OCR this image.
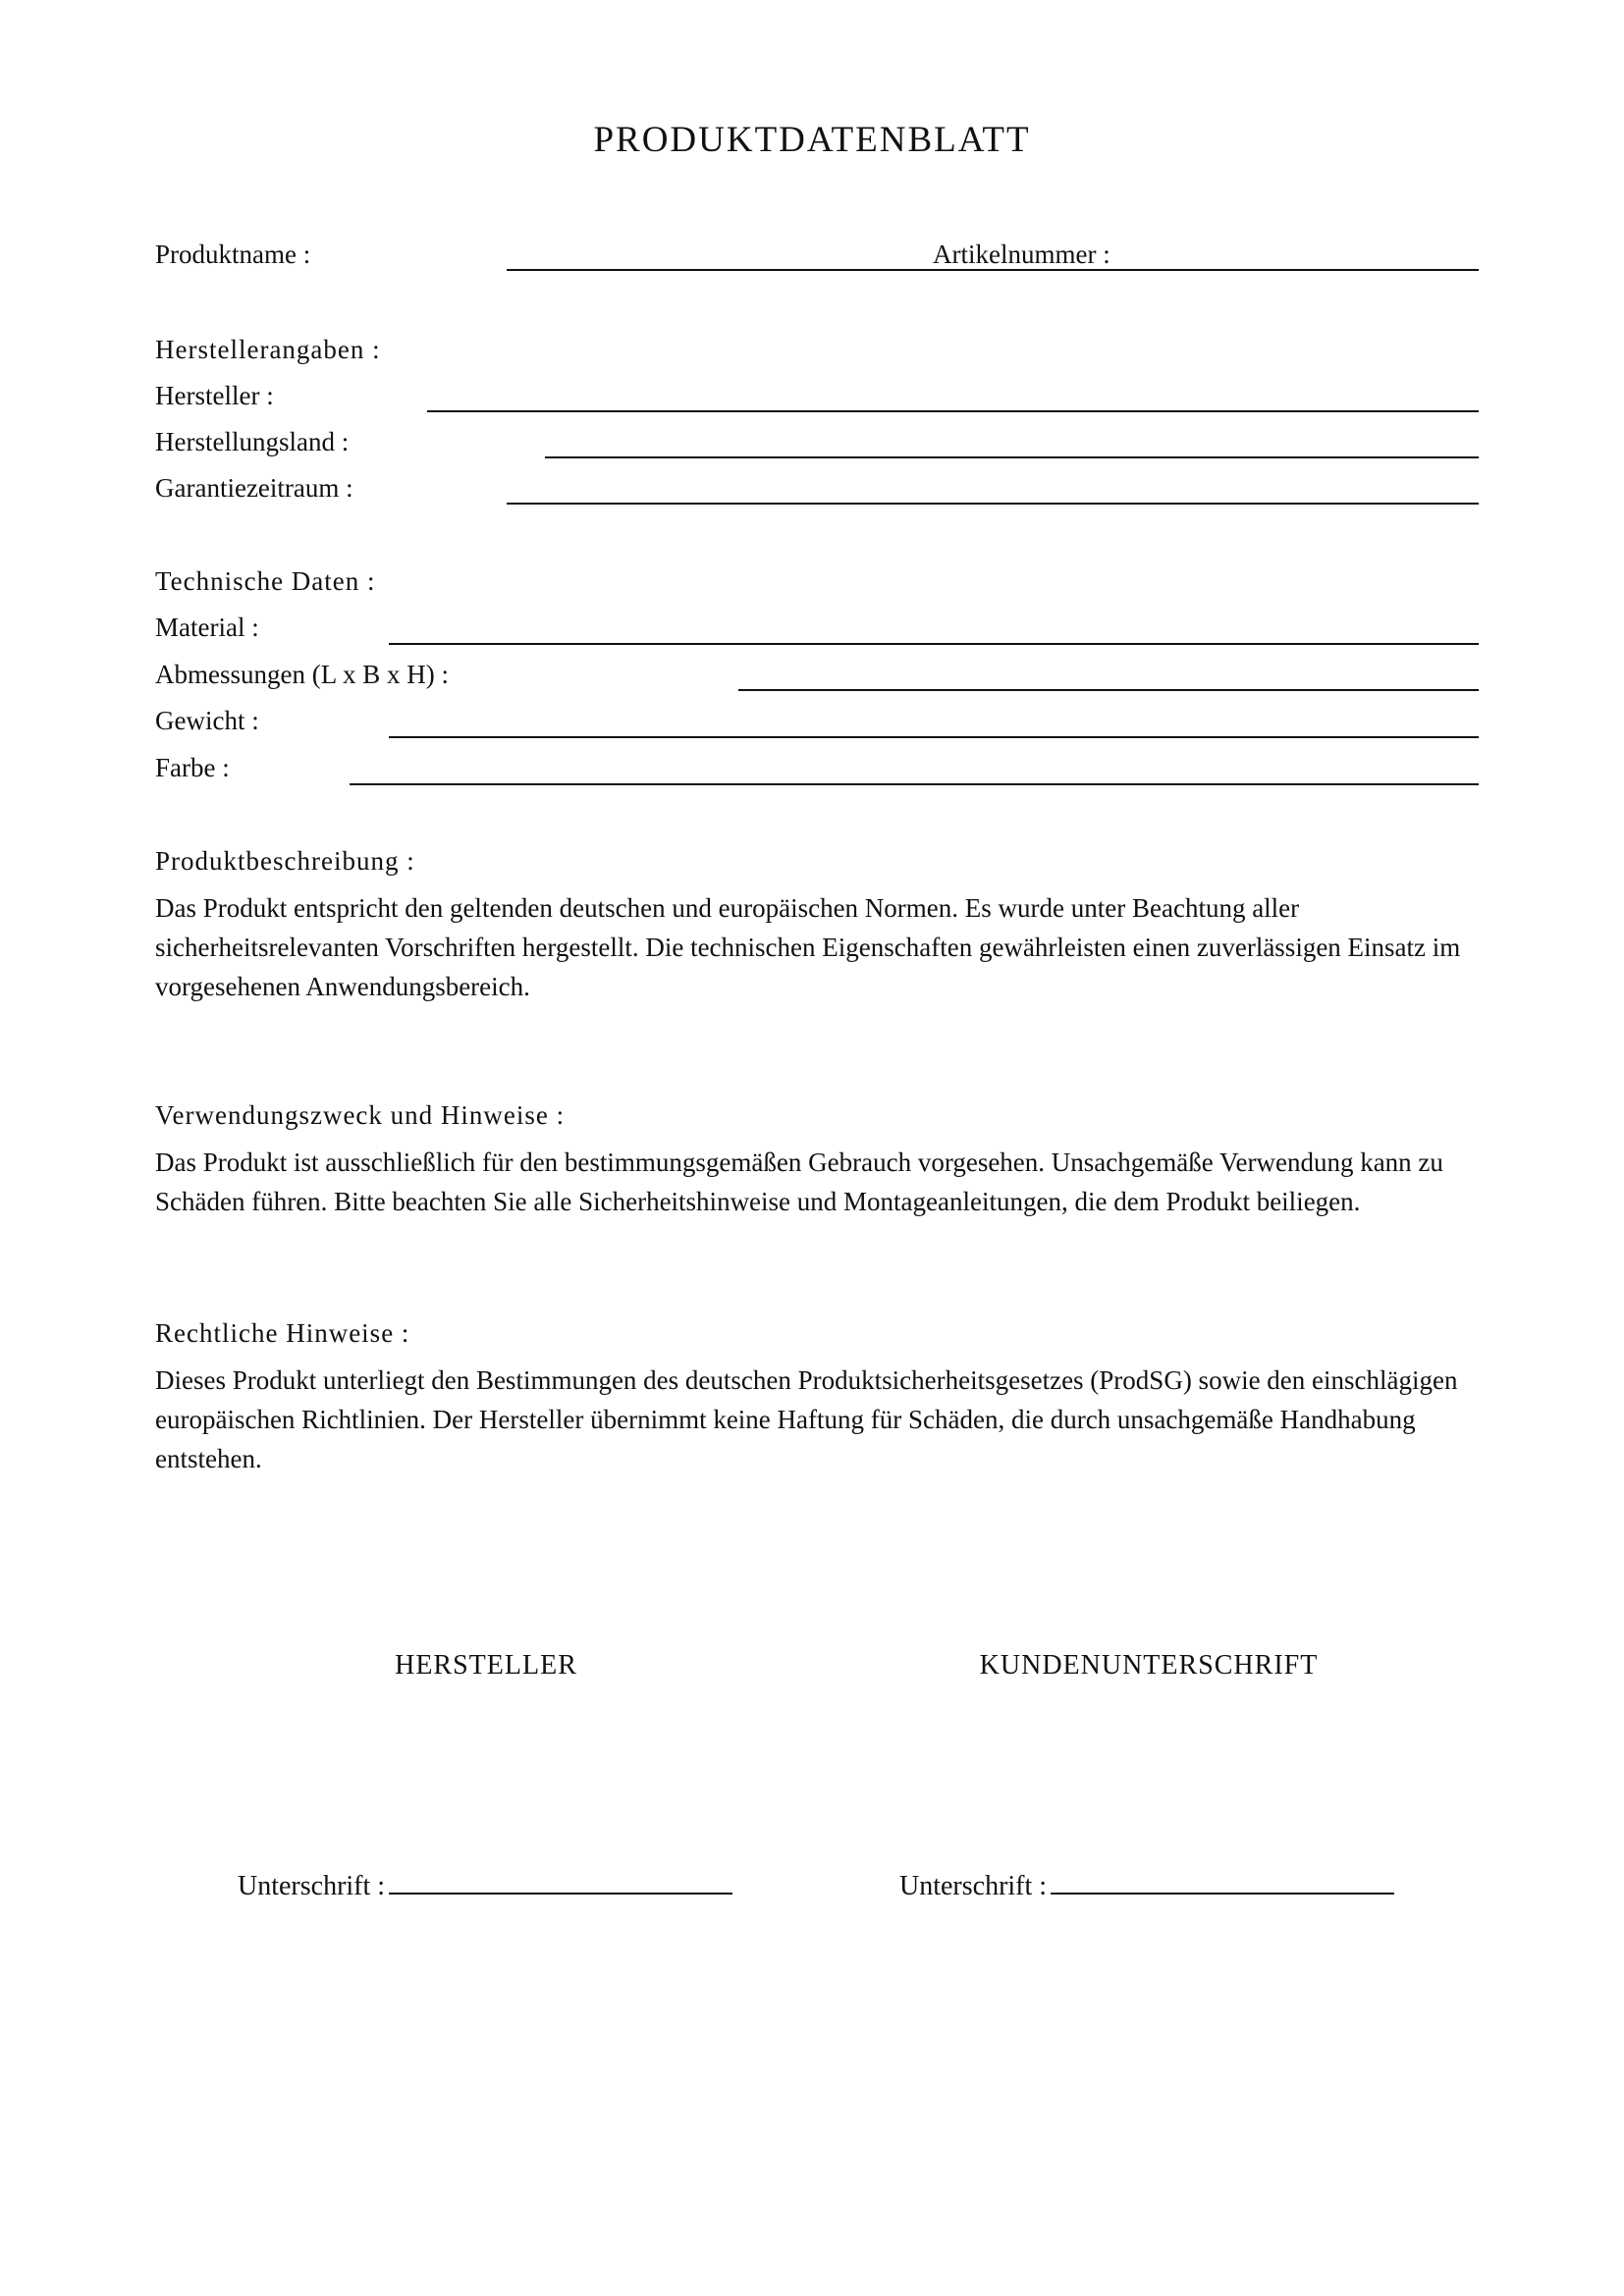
PRODUKTDATENBLATT
Produktname :	Artikelnummer :
Herstellerangaben :
Hersteller :
Herstellungsland :
Garantiezeitraum :
Technische Daten :
Material :
Abmessungen (L x B x H) :
Gewicht :
Farbe :
Produktbeschreibung :
Das Produkt entspricht den geltenden deutschen und europäischen Normen. Es wurde unter Beachtung aller sicherheitsrelevanten Vorschriften hergestellt. Die technischen Eigenschaften gewährleisten einen zuverlässigen Einsatz im vorgesehenen Anwendungsbereich.
Verwendungszweck und Hinweise :
Das Produkt ist ausschließlich für den bestimmungsgemäßen Gebrauch vorgesehen. Unsachgemäße Verwendung kann zu Schäden führen. Bitte beachten Sie alle Sicherheitshinweise und Montageanleitungen, die dem Produkt beiliegen.
Rechtliche Hinweise :
Dieses Produkt unterliegt den Bestimmungen des deutschen Produktsicherheitsgesetzes (ProdSG) sowie den einschlägigen europäischen Richtlinien. Der Hersteller übernimmt keine Haftung für Schäden, die durch unsachgemäße Handhabung entstehen.
HERSTELLER	KUNDENUNTERSCHRIFT
Unterschrift :	Unterschrift :
